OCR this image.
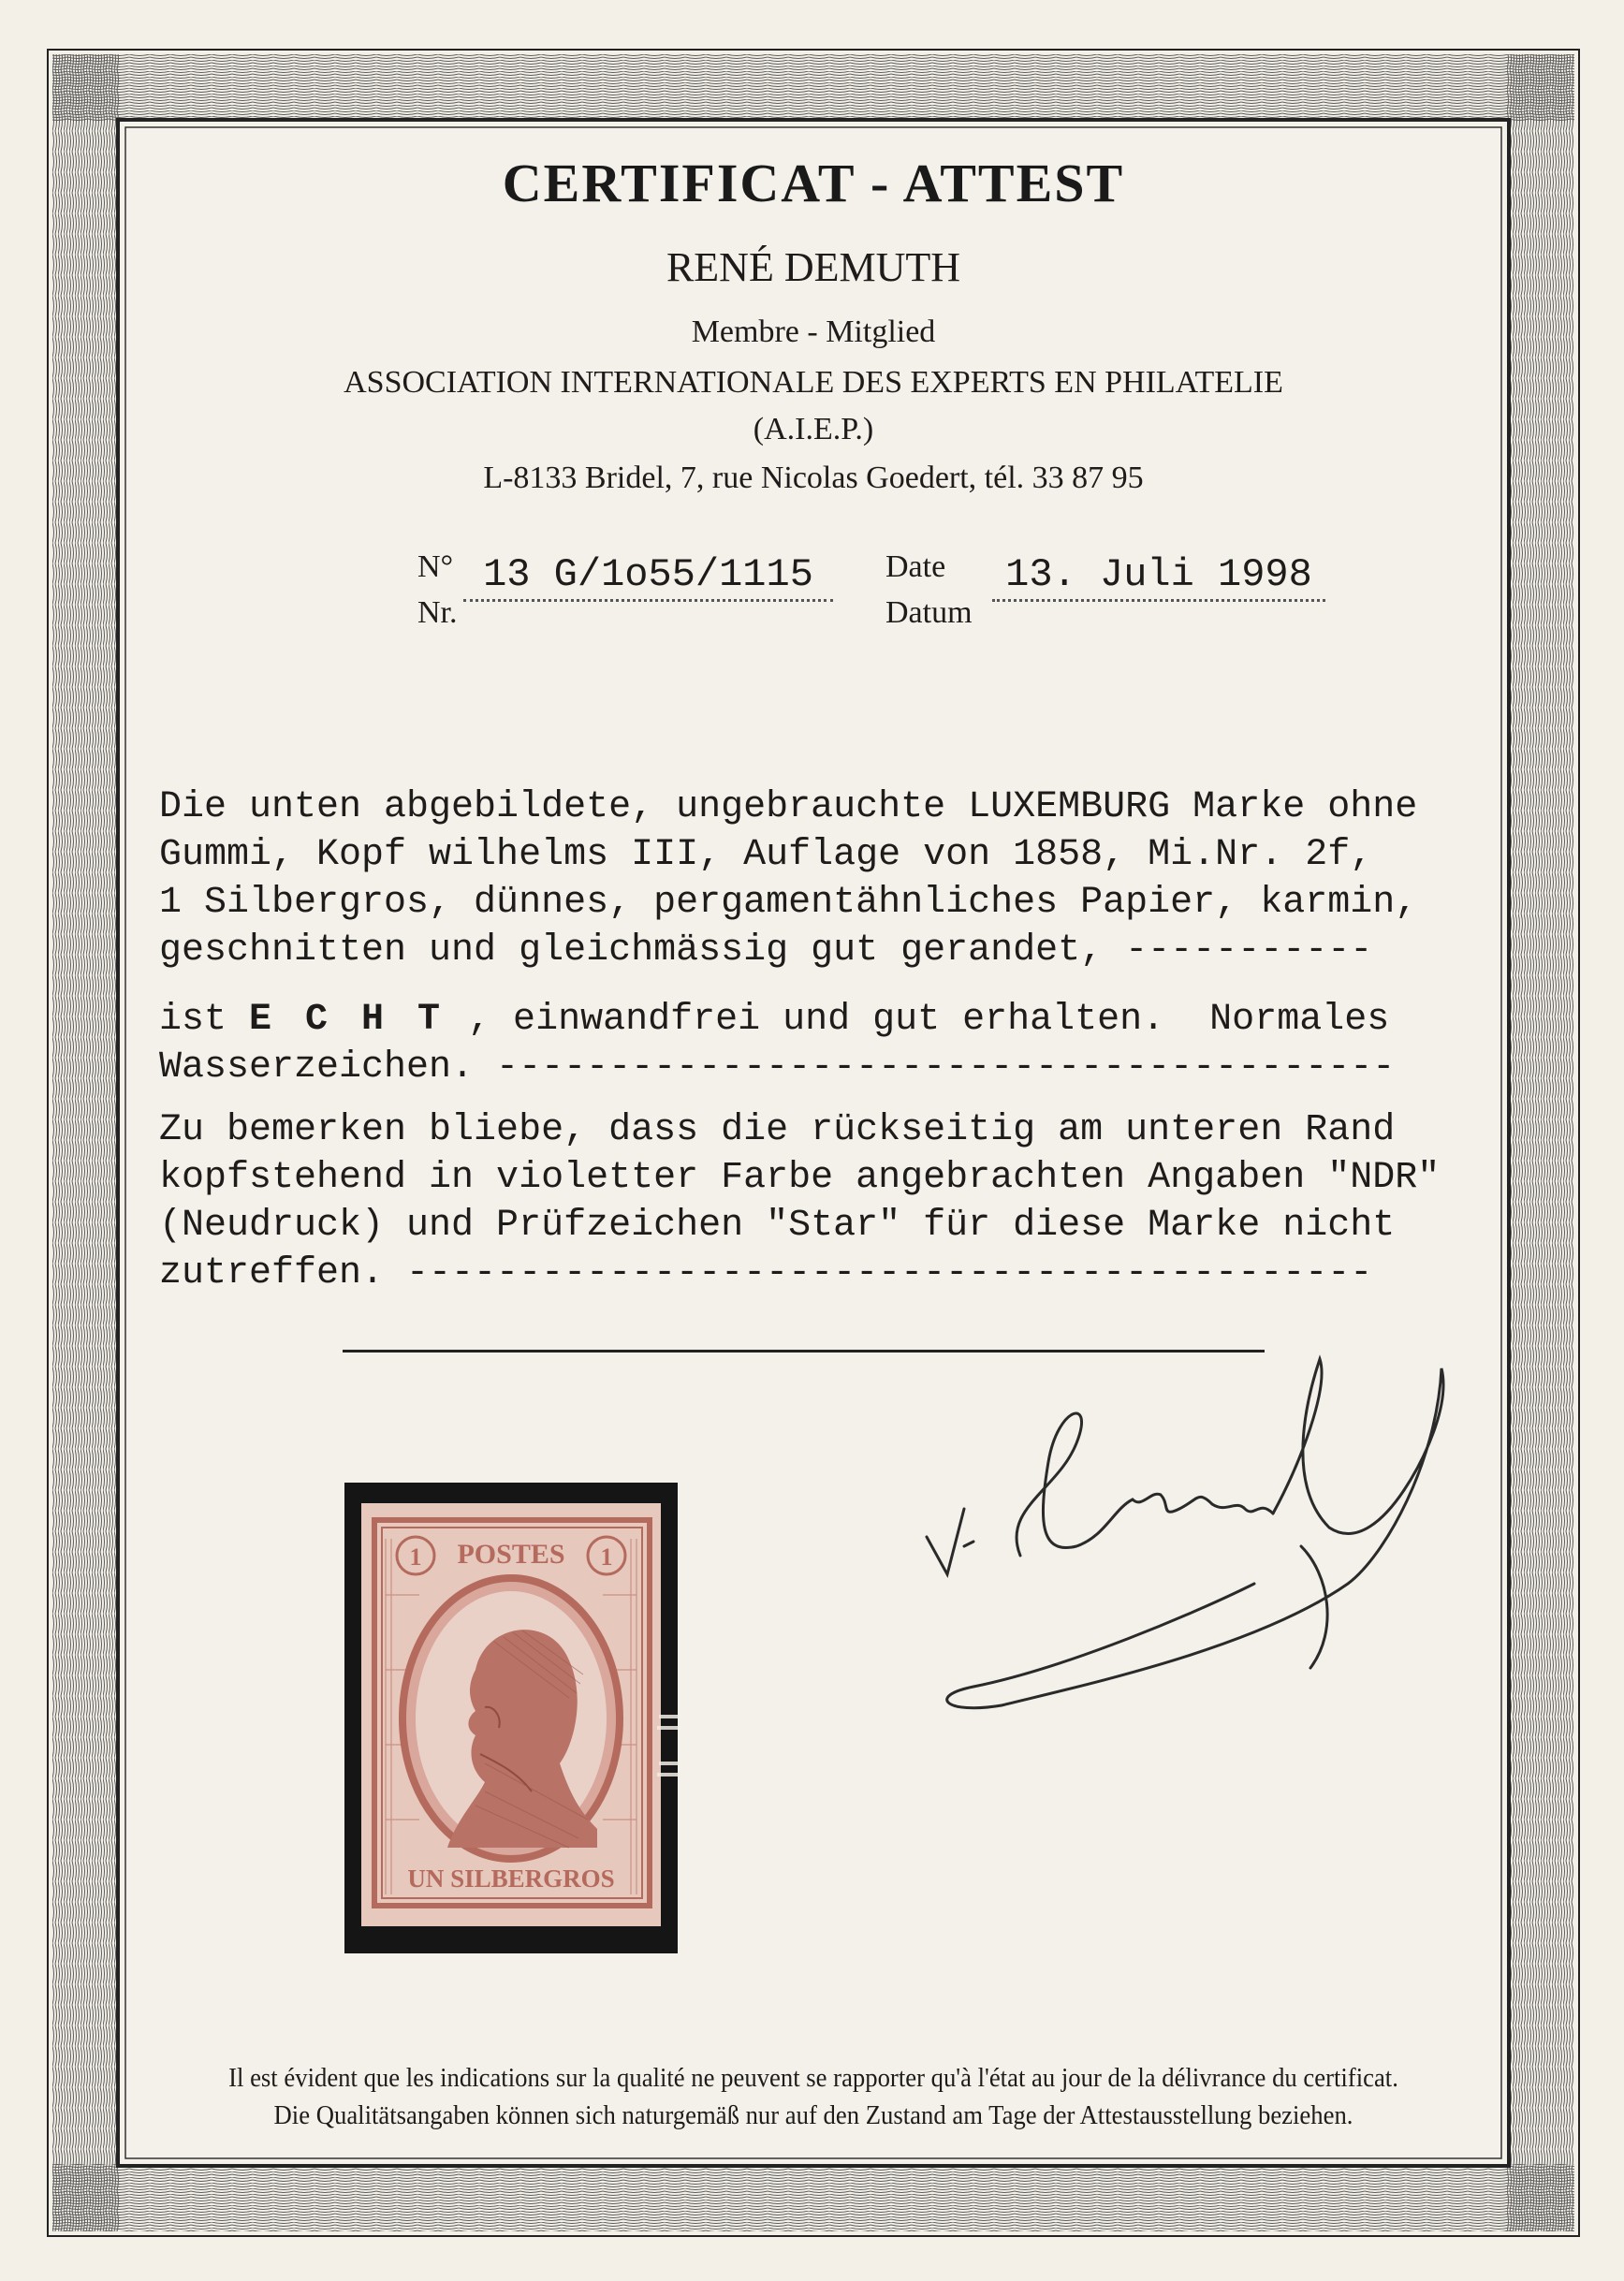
CERTIFICAT - ATTEST
RENÉ DEMUTH
Membre - Mitglied
ASSOCIATION INTERNATIONALE DES EXPERTS EN PHILATELIE
(A.I.E.P.)
L-8133 Bridel, 7, rue Nicolas Goedert, tél. 33 87 95
N°
Nr.
13 G/1o55/1115	Date
Datum
13. Juli 1998
Die unten abgebildete, ungebrauchte LUXEMBURG Marke ohne
Gummi, Kopf wilhelms III, Auflage von 1858, Mi.Nr. 2f,
1 Silbergros, dünnes, pergamentähnliches Papier, karmin,
geschnitten und gleichmässig gut gerandet, -----------
ist E C H T , einwandfrei und gut erhalten.  Normales
Wasserzeichen. ----------------------------------------
Zu bemerken bliebe, dass die rückseitig am unteren Rand
kopfstehend in violetter Farbe angebrachten Angaben "NDR"
(Neudruck) und Prüfzeichen "Star" für diese Marke nicht
zutreffen. -------------------------------------------
POSTES
1	1
UN SILBERGROS
Il est évident que les indications sur la qualité ne peuvent se rapporter qu'à l'état au jour de la délivrance du certificat.
Die Qualitätsangaben können sich naturgemäß nur auf den Zustand am Tage der Attestausstellung beziehen.
